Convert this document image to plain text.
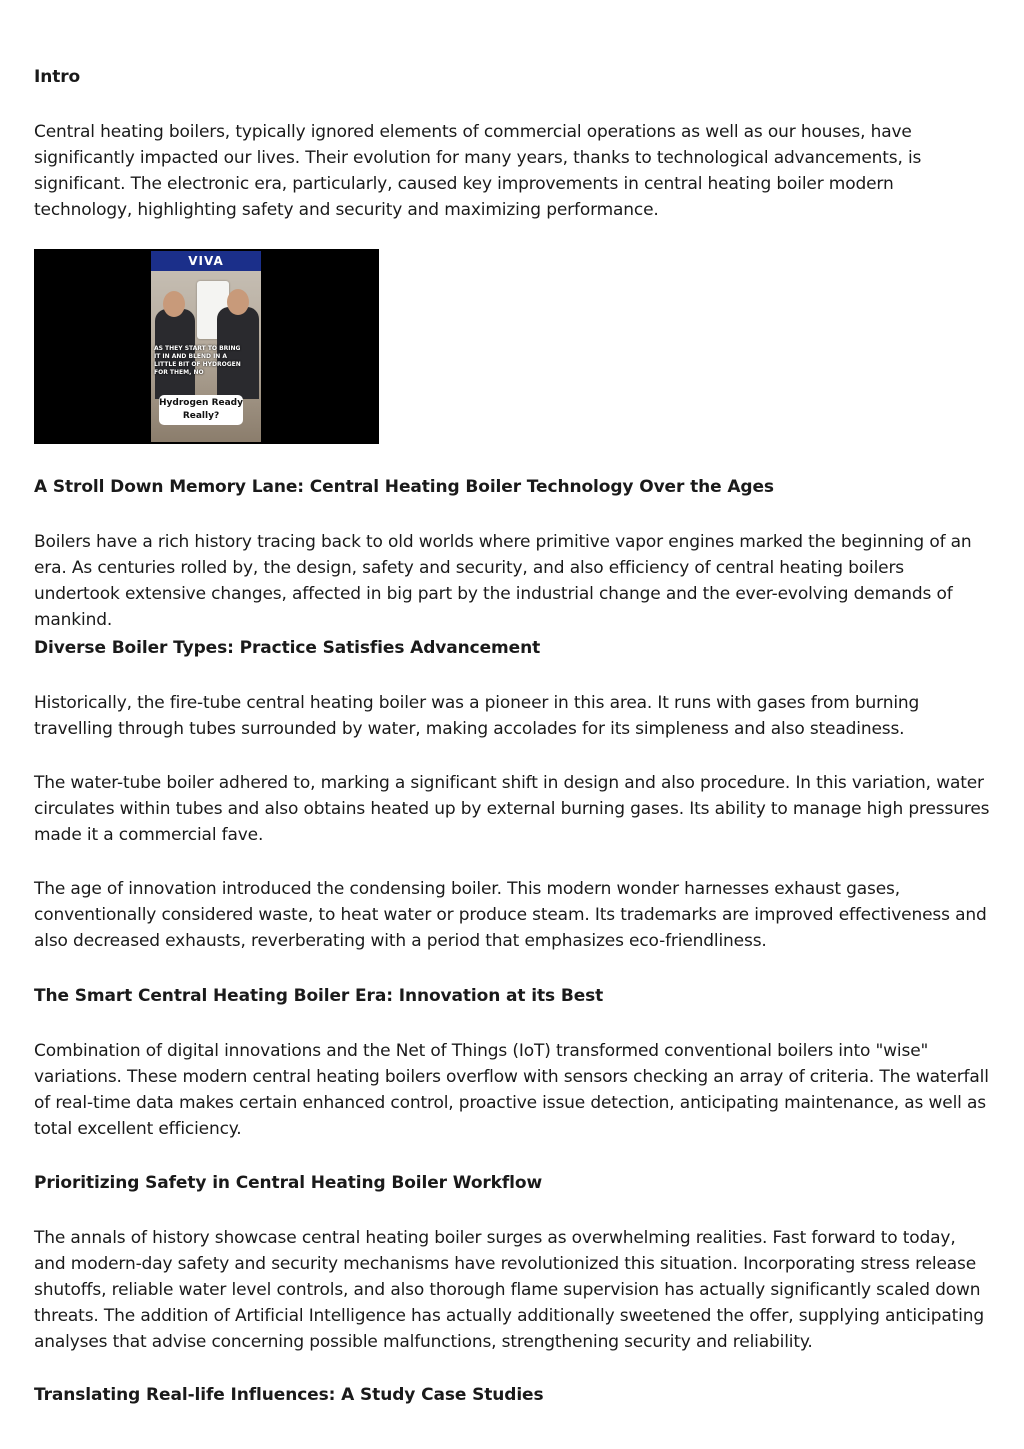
Intro

Central heating boilers, typically ignored elements of commercial operations as well as our houses, have significantly impacted our lives. Their evolution for many years, thanks to technological advancements, is significant. The electronic era, particularly, caused key improvements in central heating boiler modern technology, highlighting safety and security and maximizing performance.

VIVA
AS THEY START TO BRING IT IN AND BLEND IN A LITTLE BIT OF HYDROGEN FOR THEM, NO
Hydrogen Ready
Really?
A Stroll Down Memory Lane: Central Heating Boiler Technology Over the Ages

Boilers have a rich history tracing back to old worlds where primitive vapor engines marked the beginning of an era. As centuries rolled by, the design, safety and security, and also efficiency of central heating boilers undertook extensive changes, affected in big part by the industrial change and the ever-evolving demands of mankind.

Diverse Boiler Types: Practice Satisfies Advancement

Historically, the fire-tube central heating boiler was a pioneer in this area. It runs with gases from burning travelling through tubes surrounded by water, making accolades for its simpleness and also steadiness.

The water-tube boiler adhered to, marking a significant shift in design and also procedure. In this variation, water circulates within tubes and also obtains heated up by external burning gases. Its ability to manage high pressures made it a commercial fave.

The age of innovation introduced the condensing boiler. This modern wonder harnesses exhaust gases, conventionally considered waste, to heat water or produce steam. Its trademarks are improved effectiveness and also decreased exhausts, reverberating with a period that emphasizes eco-friendliness.

The Smart Central Heating Boiler Era: Innovation at its Best

Combination of digital innovations and the Net of Things (IoT) transformed conventional boilers into "wise" variations. These modern central heating boilers overflow with sensors checking an array of criteria. The waterfall of real-time data makes certain enhanced control, proactive issue detection, anticipating maintenance, as well as total excellent efficiency.

Prioritizing Safety in Central Heating Boiler Workflow

The annals of history showcase central heating boiler surges as overwhelming realities. Fast forward to today, and modern-day safety and security mechanisms have revolutionized this situation. Incorporating stress release shutoffs, reliable water level controls, and also thorough flame supervision has actually significantly scaled down threats. The addition of Artificial Intelligence has actually additionally sweetened the offer, supplying anticipating analyses that advise concerning possible malfunctions, strengthening security and reliability.

Translating Real-life Influences: A Study Case Studies
